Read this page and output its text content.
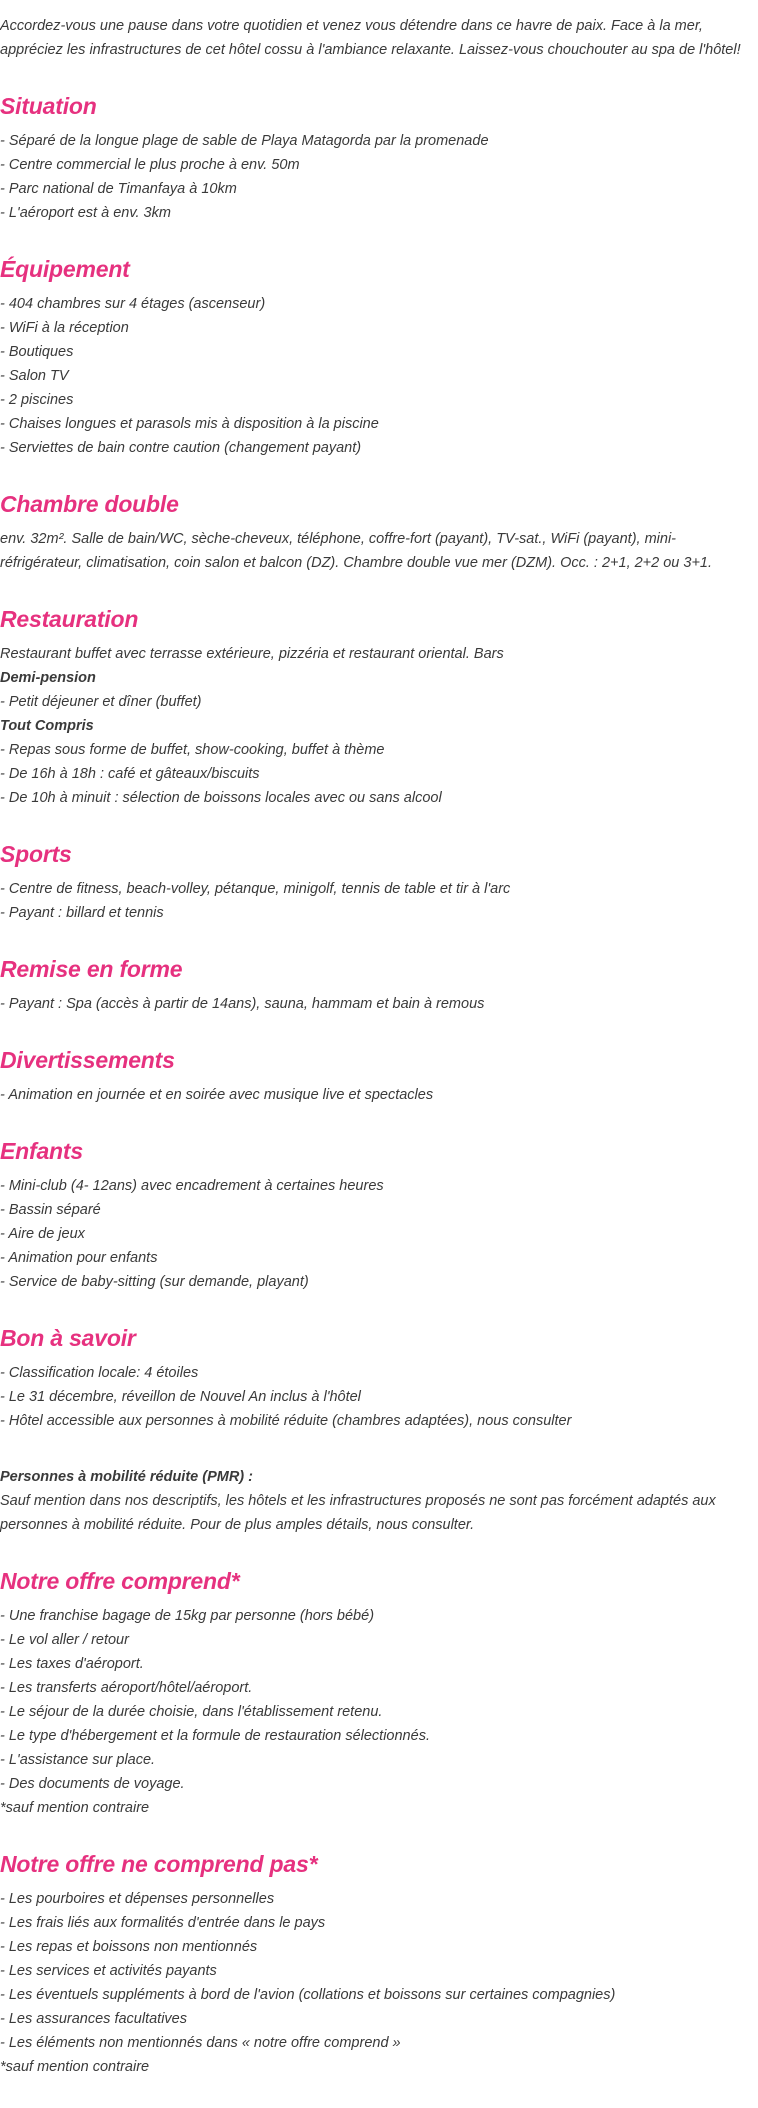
Accordez-vous une pause dans votre quotidien et venez vous détendre dans ce havre de paix. Face à la mer, appréciez les infrastructures de cet hôtel cossu à l'ambiance relaxante. Laissez-vous chouchouter au spa de l'hôtel!

Situation
- Séparé de la longue plage de sable de Playa Matagorda par la promenade
- Centre commercial le plus proche à env. 50m
- Parc national de Timanfaya à 10km
- L'aéroport est à env. 3km
Équipement
- 404 chambres sur 4 étages (ascenseur)
- WiFi à la réception
- Boutiques
- Salon TV
- 2 piscines
- Chaises longues et parasols mis à disposition à la piscine
- Serviettes de bain contre caution (changement payant)
Chambre double

env. 32m². Salle de bain/WC, sèche-cheveux, téléphone, coffre-fort (payant), TV-sat., WiFi (payant), mini-réfrigérateur, climatisation, coin salon et balcon (DZ). Chambre double vue mer (DZM). Occ. : 2+1, 2+2 ou 3+1.

Restauration

Restaurant buffet avec terrasse extérieure, pizzéria et restaurant oriental. Bars

Demi-pension

- Petit déjeuner et dîner (buffet)

Tout Compris

- Repas sous forme de buffet, show-cooking, buffet à thème
- De 16h à 18h : café et gâteaux/biscuits
- De 10h à minuit : sélection de boissons locales avec ou sans alcool
Sports
- Centre de fitness, beach-volley, pétanque, minigolf, tennis de table et tir à l'arc
- Payant : billard et tennis
Remise en forme
- Payant : Spa (accès à partir de 14ans), sauna, hammam et bain à remous
Divertissements
- Animation en journée et en soirée avec musique live et spectacles
Enfants
- Mini-club (4- 12ans) avec encadrement à certaines heures
- Bassin séparé
- Aire de jeux
- Animation pour enfants
- Service de baby-sitting (sur demande, playant)
Bon à savoir
- Classification locale: 4 étoiles
- Le 31 décembre, réveillon de Nouvel An inclus à l'hôtel
- Hôtel accessible aux personnes à mobilité réduite (chambres adaptées), nous consulter

Personnes à mobilité réduite (PMR) :

Sauf mention dans nos descriptifs, les hôtels et les infrastructures proposés ne sont pas forcément adaptés aux personnes à mobilité réduite. Pour de plus amples détails, nous consulter.

Notre offre comprend*
- Une franchise bagage de 15kg par personne (hors bébé)
- Le vol aller / retour
- Les taxes d'aéroport.
- Les transferts aéroport/hôtel/aéroport.
- Le séjour de la durée choisie, dans l'établissement retenu.
- Le type d'hébergement et la formule de restauration sélectionnés.
- L'assistance sur place.
- Des documents de voyage.

*sauf mention contraire

Notre offre ne comprend pas*
- Les pourboires et dépenses personnelles
- Les frais liés aux formalités d'entrée dans le pays
- Les repas et boissons non mentionnés
- Les services et activités payants
- Les éventuels suppléments à bord de l'avion (collations et boissons sur certaines compagnies)
- Les assurances facultatives
- Les éléments non mentionnés dans « notre offre comprend »

*sauf mention contraire
